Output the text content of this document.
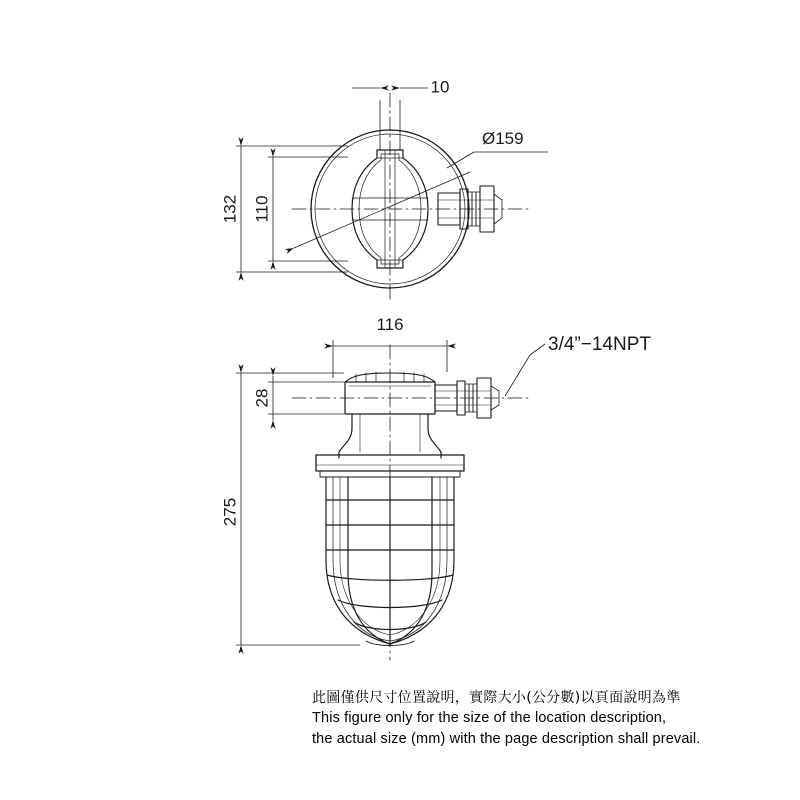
10
132 110
Ø159
116
28
275
3/4”−14NPT
此圖僅供尺寸位置說明，實際大小(公分數)以頁面說明為準
This figure only for the size of the location description,
the actual size (mm) with the page description shall prevail.
